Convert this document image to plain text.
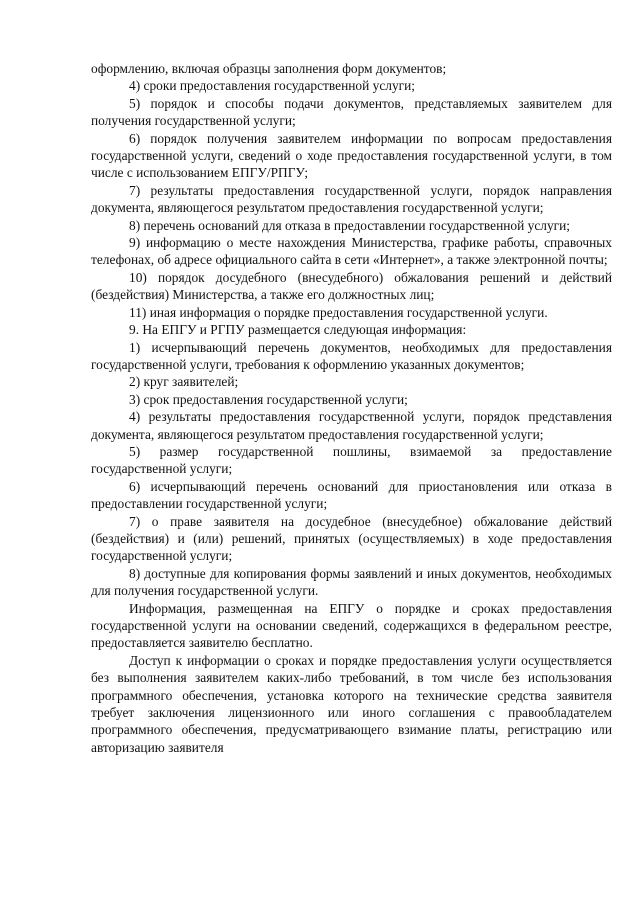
оформлению, включая образцы заполнения форм документов;

4) сроки предоставления государственной услуги;

5) порядок и способы подачи документов, представляемых заявителем для получения государственной услуги;

6) порядок получения заявителем информации по вопросам предоставления государственной услуги, сведений о ходе предоставления государственной услуги, в том числе с использованием ЕПГУ/РПГУ;

7) результаты предоставления государственной услуги, порядок направления документа, являющегося результатом предоставления государственной услуги;

8) перечень оснований для отказа в предоставлении государственной услуги;

9) информацию о месте нахождения Министерства, графике работы, справочных телефонах, об адресе официального сайта в сети «Интернет», а также электронной почты;

10) порядок досудебного (внесудебного) обжалования решений и действий (бездействия) Министерства, а также его должностных лиц;

11) иная информация о порядке предоставления государственной услуги.

9. На ЕПГУ и РГПУ размещается следующая информация:

1) исчерпывающий перечень документов, необходимых для предоставления государственной услуги, требования к оформлению указанных документов;

2) круг заявителей;

3) срок предоставления государственной услуги;

4) результаты предоставления государственной услуги, порядок представления документа, являющегося результатом предоставления государственной услуги;

5) размер государственной пошлины, взимаемой за предоставление государственной услуги;

6) исчерпывающий перечень оснований для приостановления или отказа в предоставлении государственной услуги;

7) о праве заявителя на досудебное (внесудебное) обжалование действий (бездействия) и (или) решений, принятых (осуществляемых) в ходе предоставления государственной услуги;

8) доступные для копирования формы заявлений и иных документов, необходимых для получения государственной услуги.

Информация, размещенная на ЕПГУ о порядке и сроках предоставления государственной услуги на основании сведений, содержащихся в федеральном реестре, предоставляется заявителю бесплатно.

Доступ к информации о сроках и порядке предоставления услуги осуществляется без выполнения заявителем каких-либо требований, в том числе без использования программного обеспечения, установка которого на технические средства заявителя требует заключения лицензионного или иного соглашения с правообладателем программного обеспечения, предусматривающего взимание платы, регистрацию или авторизацию заявителя
